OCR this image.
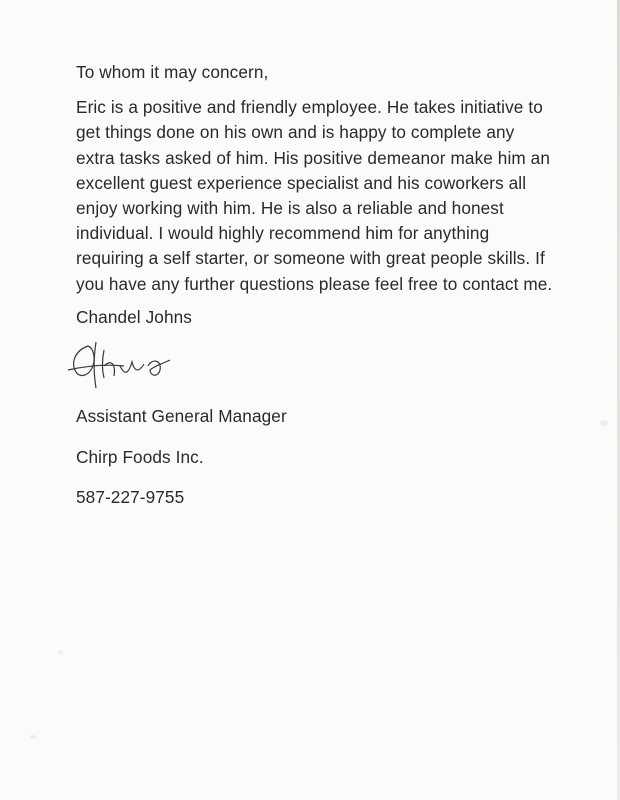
To whom it may concern,

Eric is a positive and friendly employee. He takes initiative to get things done on his own and is happy to complete any extra tasks asked of him. His positive demeanor make him an excellent guest experience specialist and his coworkers all enjoy working with him. He is also a reliable and honest individual. I would highly recommend him for anything requiring a self starter, or someone with great people skills. If you have any further questions please feel free to contact me.

Chandel Johns

Assistant General Manager

Chirp Foods Inc.

587-227-9755
